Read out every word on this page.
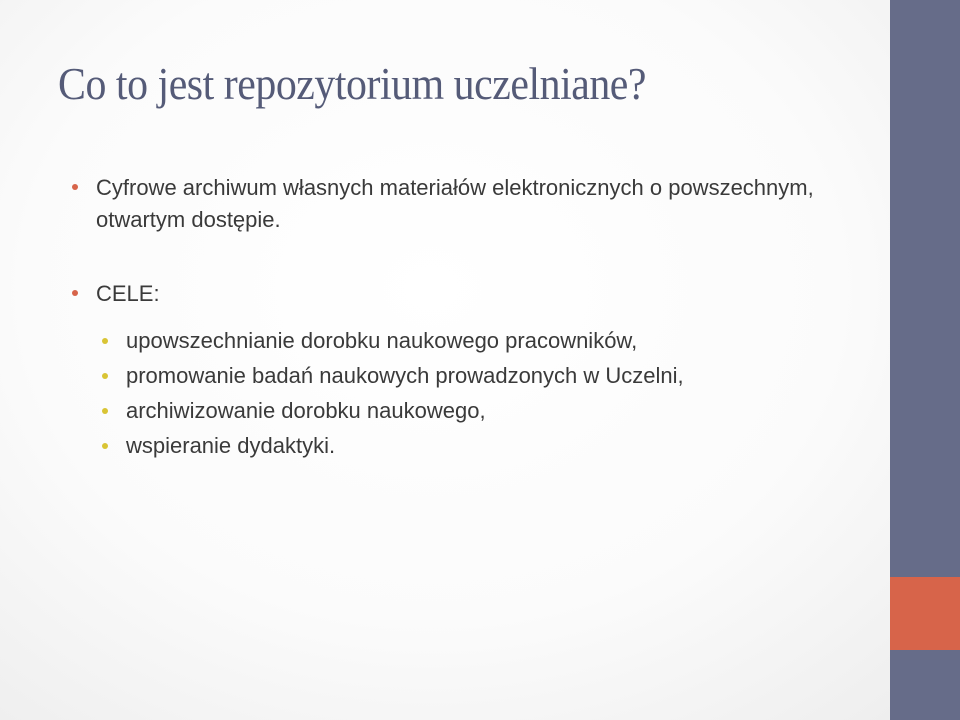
Co to jest repozytorium uczelniane?
Cyfrowe archiwum własnych materiałów elektronicznych o powszechnym, otwartym dostępie.
CELE:
upowszechnianie dorobku naukowego pracowników,
promowanie badań naukowych prowadzonych w Uczelni,
archiwizowanie dorobku naukowego,
wspieranie dydaktyki.
